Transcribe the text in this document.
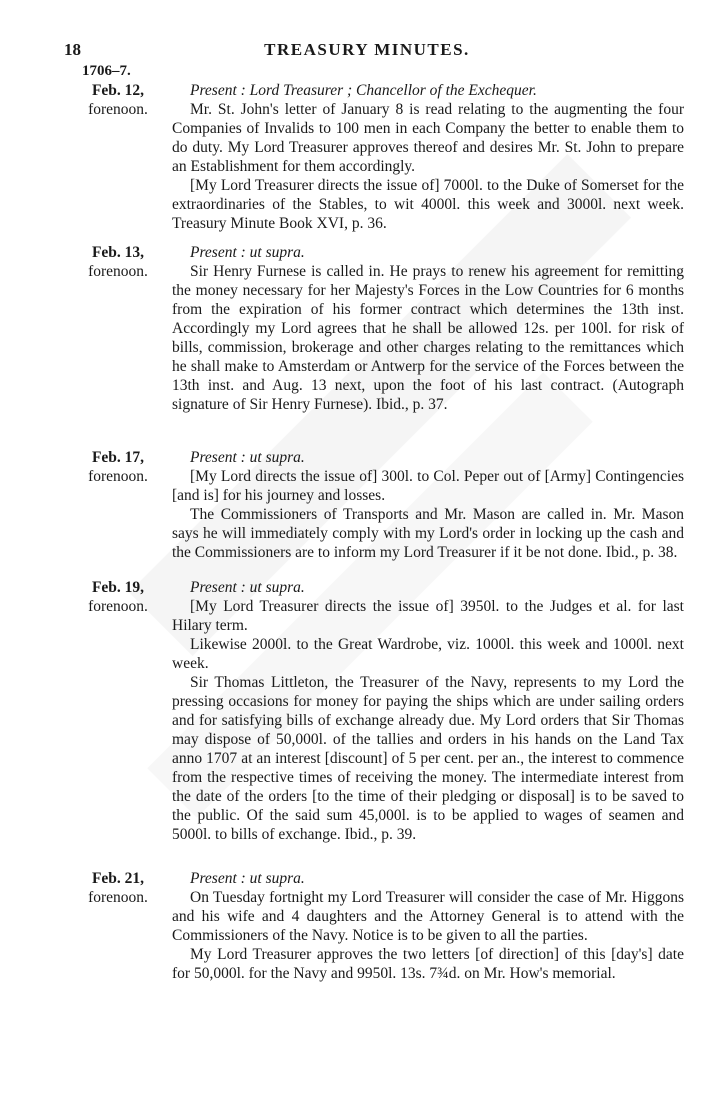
18	TREASURY MINUTES.
1706–7.
Feb. 12,
forenoon.

Present : Lord Treasurer ; Chancellor of the Exchequer.

Mr. St. John's letter of January 8 is read relating to the augmenting the four Companies of Invalids to 100 men in each Company the better to enable them to do duty. My Lord Treasurer approves thereof and desires Mr. St. John to prepare an Establishment for them accordingly.

[My Lord Treasurer directs the issue of] 7000l. to the Duke of Somerset for the extraordinaries of the Stables, to wit 4000l. this week and 3000l. next week. Treasury Minute Book XVI, p. 36.

Feb. 13,
forenoon.

Present : ut supra.

Sir Henry Furnese is called in. He prays to renew his agreement for remitting the money necessary for her Majesty's Forces in the Low Countries for 6 months from the expiration of his former contract which determines the 13th inst. Accordingly my Lord agrees that he shall be allowed 12s. per 100l. for risk of bills, commission, brokerage and other charges relating to the remittances which he shall make to Amsterdam or Antwerp for the service of the Forces between the 13th inst. and Aug. 13 next, upon the foot of his last contract. (Autograph signature of Sir Henry Furnese). Ibid., p. 37.

Feb. 17,
forenoon.

Present : ut supra.

[My Lord directs the issue of] 300l. to Col. Peper out of [Army] Contingencies [and is] for his journey and losses.

The Commissioners of Transports and Mr. Mason are called in. Mr. Mason says he will immediately comply with my Lord's order in locking up the cash and the Commissioners are to inform my Lord Treasurer if it be not done. Ibid., p. 38.

Feb. 19,
forenoon.

Present : ut supra.

[My Lord Treasurer directs the issue of] 3950l. to the Judges et al. for last Hilary term.

Likewise 2000l. to the Great Wardrobe, viz. 1000l. this week and 1000l. next week.

Sir Thomas Littleton, the Treasurer of the Navy, represents to my Lord the pressing occasions for money for paying the ships which are under sailing orders and for satisfying bills of exchange already due. My Lord orders that Sir Thomas may dispose of 50,000l. of the tallies and orders in his hands on the Land Tax anno 1707 at an interest [discount] of 5 per cent. per an., the interest to commence from the respective times of receiving the money. The intermediate interest from the date of the orders [to the time of their pledging or disposal] is to be saved to the public. Of the said sum 45,000l. is to be applied to wages of seamen and 5000l. to bills of exchange. Ibid., p. 39.

Feb. 21,
forenoon.

Present : ut supra.

On Tuesday fortnight my Lord Treasurer will consider the case of Mr. Higgons and his wife and 4 daughters and the Attorney General is to attend with the Commissioners of the Navy. Notice is to be given to all the parties.

My Lord Treasurer approves the two letters [of direction] of this [day's] date for 50,000l. for the Navy and 9950l. 13s. 7¾d. on Mr. How's memorial.
